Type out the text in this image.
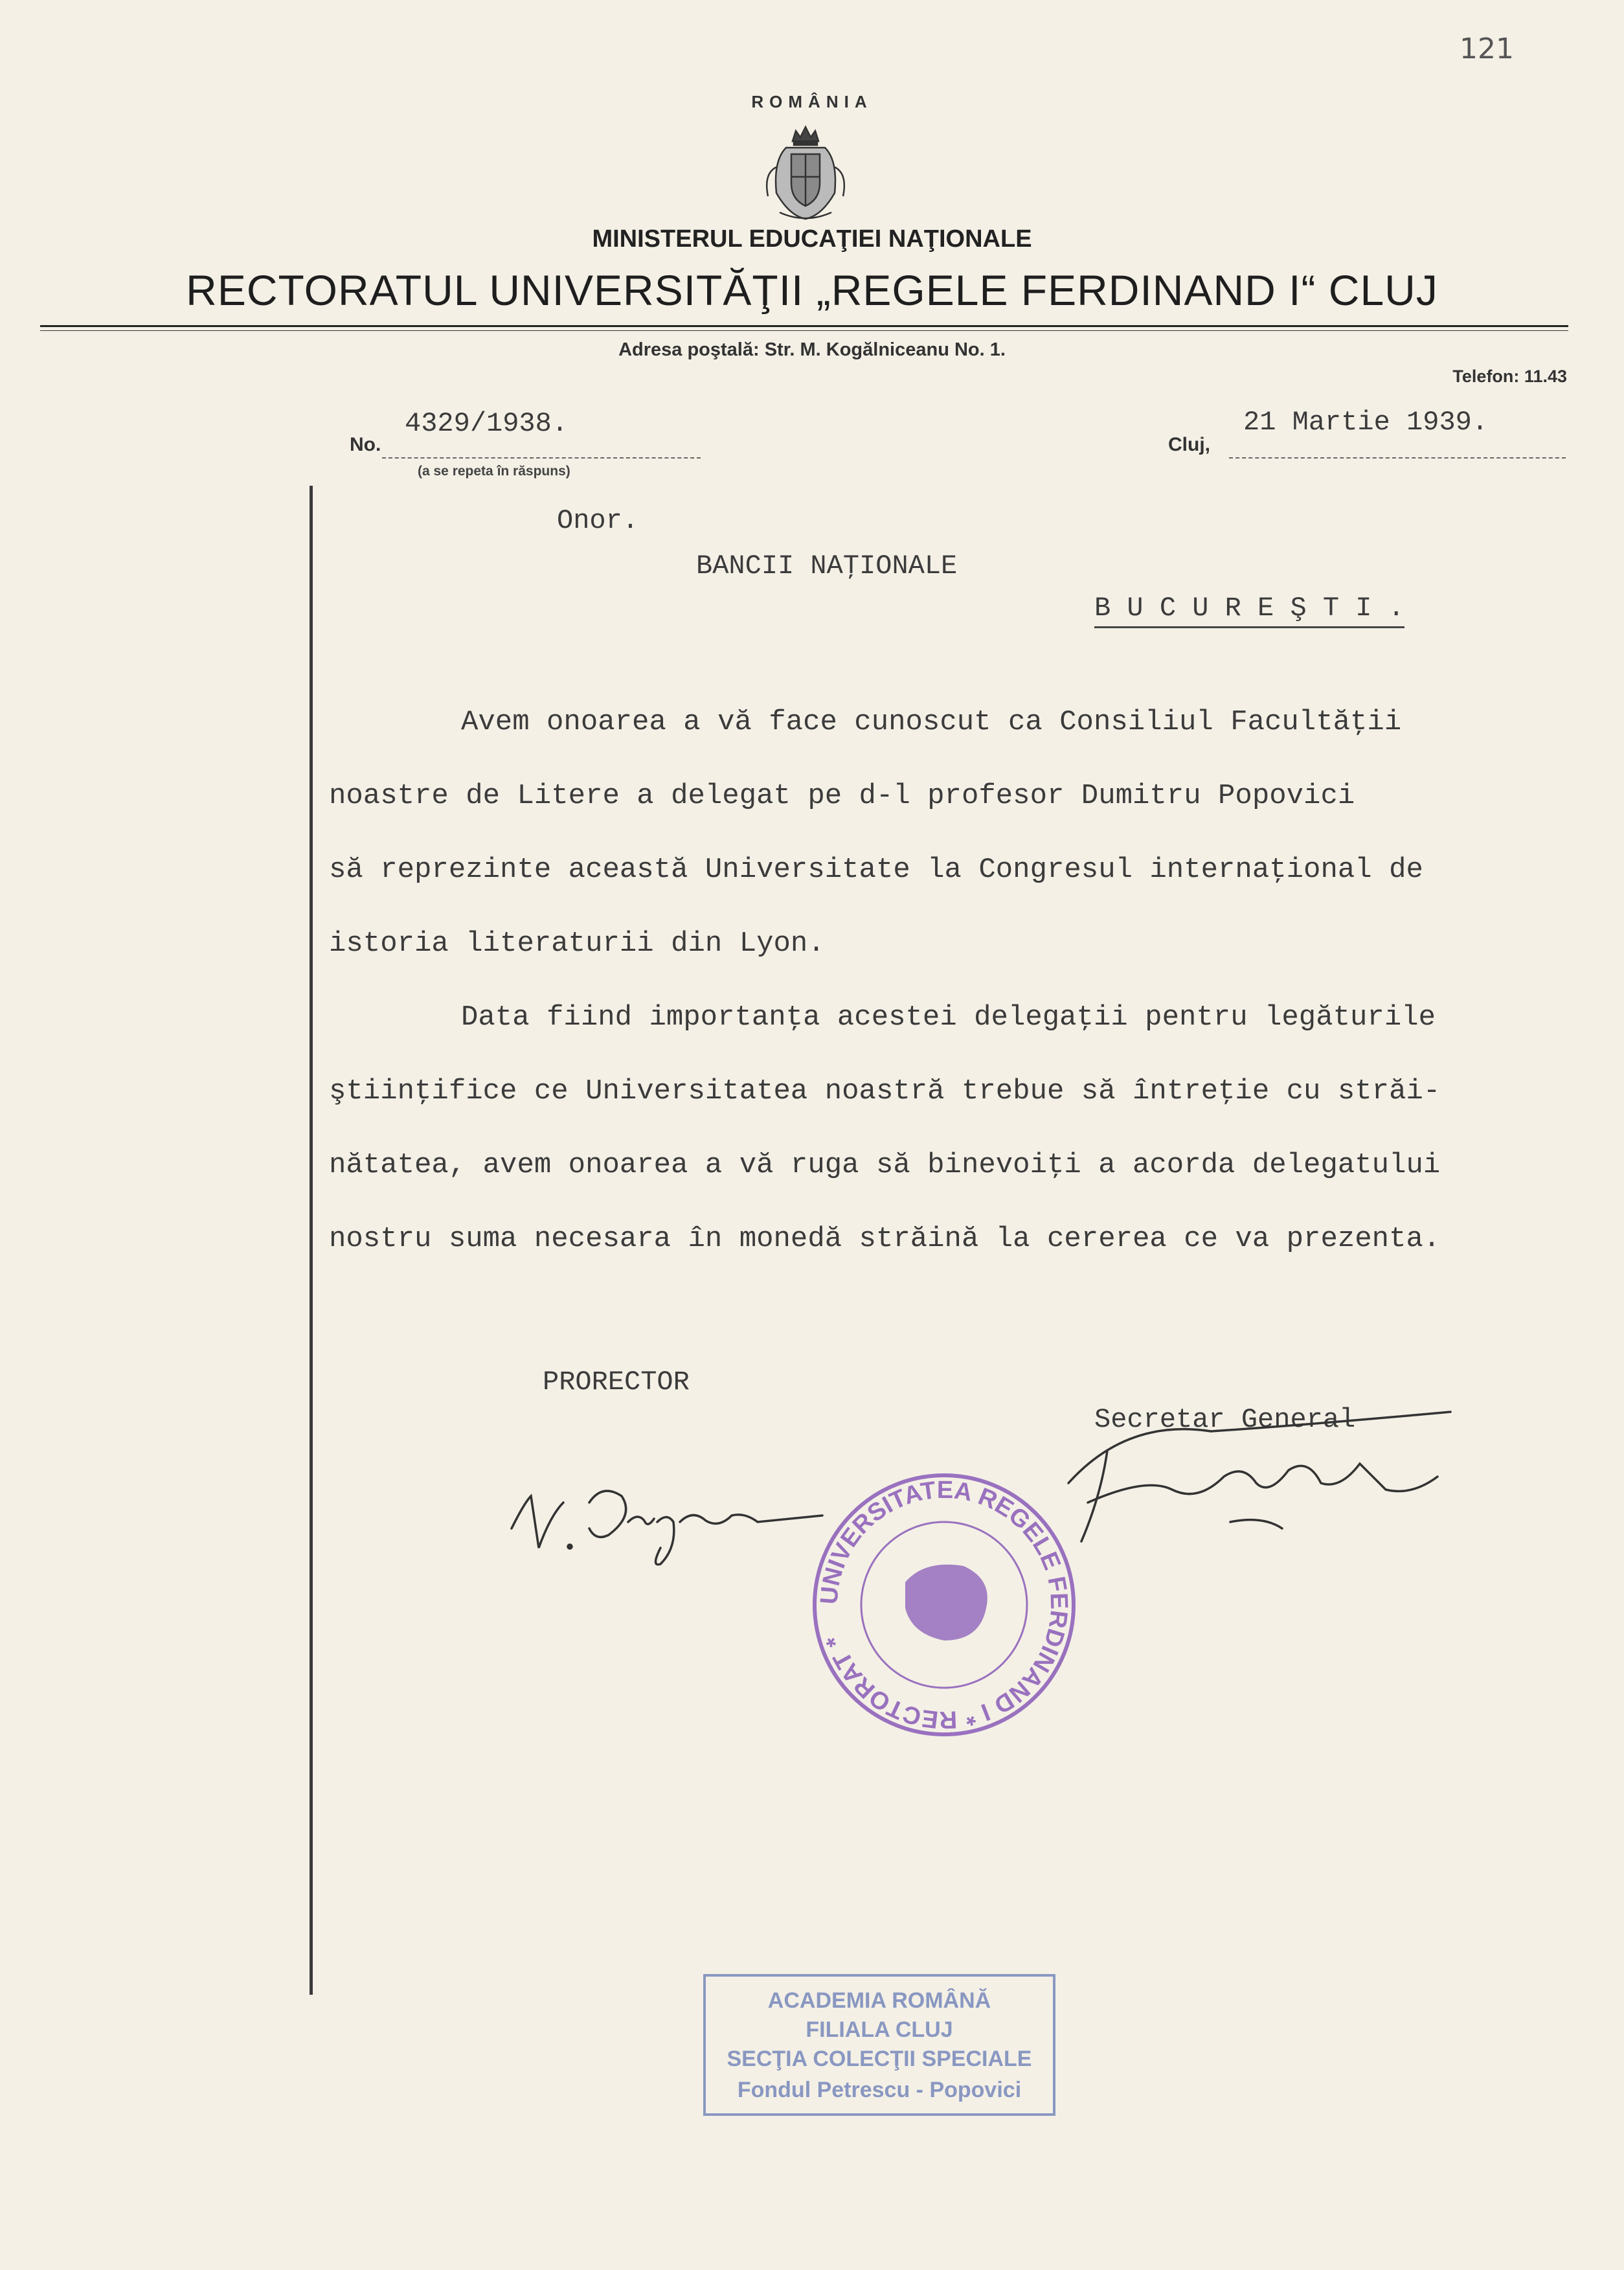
121
ROMÂNIA
MINISTERUL EDUCAŢIEI NAŢIONALE
RECTORATUL UNIVERSITĂŢII „REGELE FERDINAND I“ CLUJ
Adresa poştală: Str. M. Kogălniceanu No. 1.
Telefon: 11.43
No.
4329/1938.
(a se repeta în răspuns)
Cluj,
21 Martie 1939.
Onor.
BANCII NAŢIONALE
B U C U R E Ş T I .
Avem onoarea a vă face cunoscut ca Consiliul Facultăţii
noastre de Litere a delegat pe d-l profesor Dumitru Popovici
să reprezinte această Universitate la Congresul internaţional de
istoria literaturii din Lyon.
Data fiind importanţa acestei delegaţii pentru legăturile
ştiinţifice ce Universitatea noastră trebue să întreţie cu străi-
nătatea, avem onoarea a vă ruga să binevoiţi a acorda delegatului
nostru suma necesara în monedă străină la cererea ce va prezenta.
PRORECTOR
Secretar General
UNIVERSITATEA REGELE FERDINAND I * RECTORAT *
ACADEMIA ROMÂNĂ
FILIALA CLUJ
SECŢIA COLECŢII SPECIALE
Fondul Petrescu - Popovici
